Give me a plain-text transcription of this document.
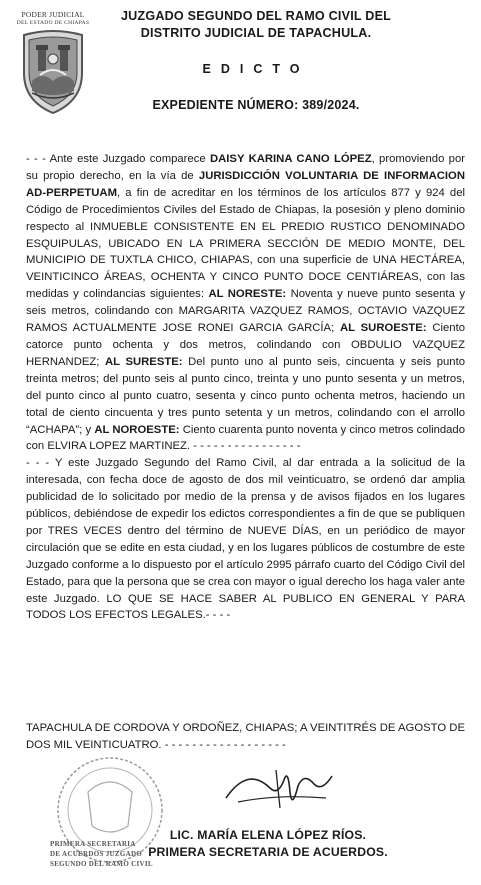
PODER JUDICIAL
DEL ESTADO DE CHIAPAS	JUZGADO SEGUNDO DEL RAMO CIVIL DEL
DISTRITO JUDICIAL DE TAPACHULA.
EDICTO
EXPEDIENTE NÚMERO: 389/2024.

- - - Ante este Juzgado comparece DAISY KARINA CANO LÓPEZ, promoviendo por su propio derecho, en la vía de JURISDICCIÓN VOLUNTARIA DE INFORMACION AD-PERPETUAM, a fin de acreditar en los términos de los artículos 877 y 924 del Código de Procedimientos Civiles del Estado de Chiapas, la posesión y pleno dominio respecto al INMUEBLE CONSISTENTE EN EL PREDIO RUSTICO DENOMINADO ESQUIPULAS, UBICADO EN LA PRIMERA SECCIÓN DE MEDIO MONTE, DEL MUNICIPIO DE TUXTLA CHICO, CHIAPAS, con una superficie de UNA HECTÁREA, VEINTICINCO ÁREAS, OCHENTA Y CINCO PUNTO DOCE CENTIÁREAS, con las medidas y colindancias siguientes: AL NORESTE: Noventa y nueve punto sesenta y seis metros, colindando con MARGARITA VAZQUEZ RAMOS, OCTAVIO VAZQUEZ RAMOS ACTUALMENTE JOSE RONEI GARCIA GARCÍA; AL SUROESTE: Ciento catorce punto ochenta y dos metros, colindando con OBDULIO VAZQUEZ HERNANDEZ; AL SURESTE: Del punto uno al punto seis, cincuenta y seis punto treinta metros; del punto seis al punto cinco, treinta y uno punto sesenta y un metros, del punto cinco al punto cuatro, sesenta y cinco punto ochenta metros, haciendo un total de ciento cincuenta y tres punto setenta y un metros, colindando con el arrollo “ACHAPA”; y AL NOROESTE: Ciento cuarenta punto noventa y cinco metros colindado con ELVIRA LOPEZ MARTINEZ. - - - - - - - - - - - - - - - -

- - - Y este Juzgado Segundo del Ramo Civil, al dar entrada a la solicitud de la interesada, con fecha doce de agosto de dos mil veinticuatro, se ordenó dar amplia publicidad de lo solicitado por medio de la prensa y de avisos fijados en los lugares públicos, debiéndose de expedir los edictos correspondientes a fin de que se publiquen por TRES VECES dentro del término de NUEVE DÍAS, en un periódico de mayor circulación que se edite en esta ciudad, y en los lugares públicos de costumbre de este Juzgado conforme a lo dispuesto por el artículo 2995 párrafo cuarto del Código Civil del Estado, para que la persona que se crea con mayor o igual derecho los haga valer ante este Juzgado. LO QUE SE HACE SABER AL PUBLICO EN GENERAL Y PARA TODOS LOS EFECTOS LEGALES.- - - -

TAPACHULA DE CORDOVA Y ORDOÑEZ, CHIAPAS; A VEINTITRÉS DE AGOSTO DE DOS MIL VEINTICUATRO. - - - - - - - - - - - - - - - - - -
PRIMERA SECRETARIA
DE ACUERDOS JUZGADO
SEGUNDO DEL RAMO CIVIL
LIC. MARÍA ELENA LÓPEZ RÍOS.
PRIMERA SECRETARIA DE ACUERDOS.
